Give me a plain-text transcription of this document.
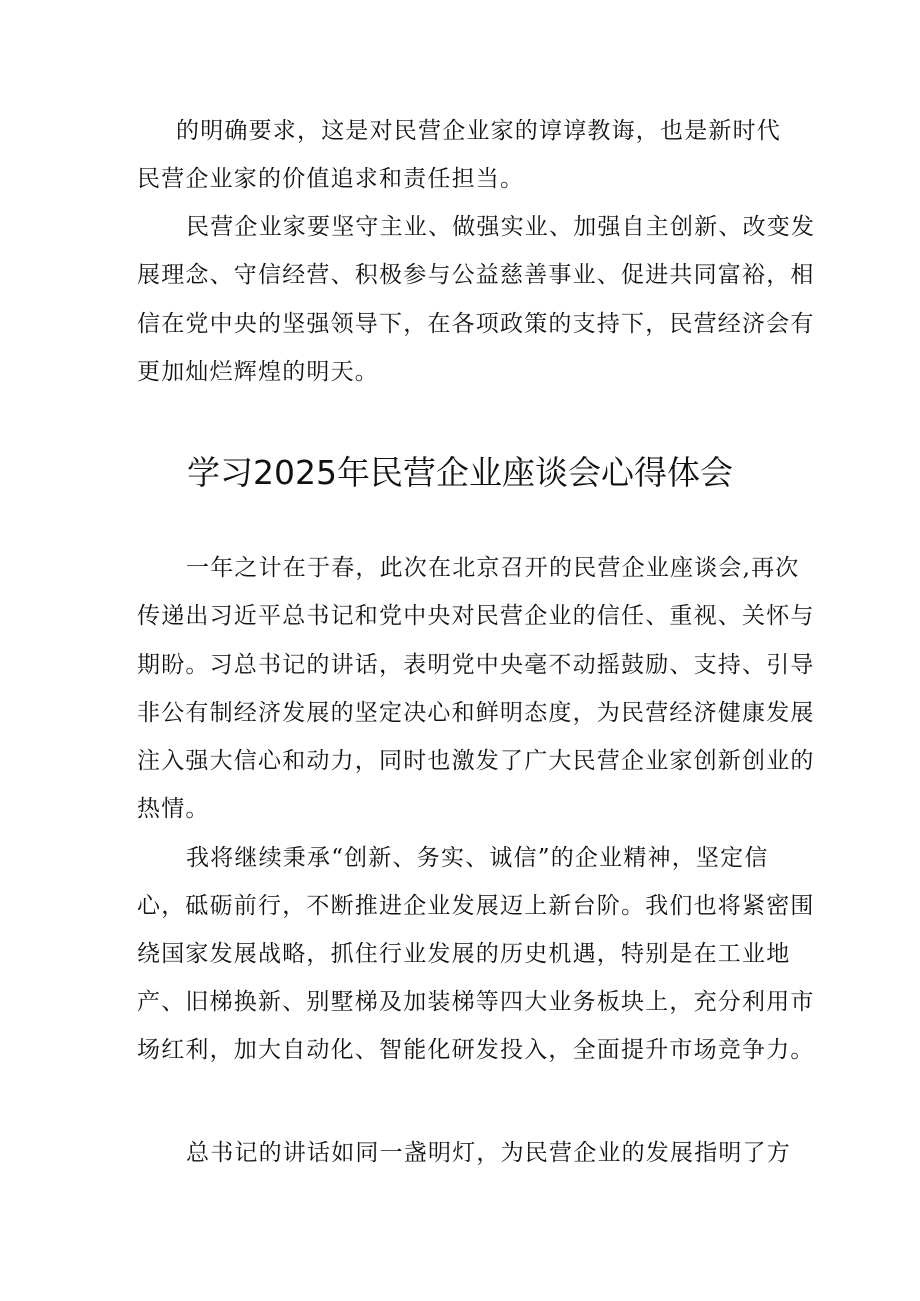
的明确要求，这是对民营企业家的谆谆教诲，也是新时代
民营企业家的价值追求和责任担当。
民营企业家要坚守主业、做强实业、加强自主创新、改变发
展理念、守信经营、积极参与公益慈善事业、促进共同富裕，相
信在党中央的坚强领导下，在各项政策的支持下，民营经济会有
更加灿烂辉煌的明天。
学习2025年民营企业座谈会心得体会
一年之计在于春，此次在北京召开的民营企业座谈会,再次
传递出习近平总书记和党中央对民营企业的信任、重视、关怀与
期盼。习总书记的讲话，表明党中央毫不动摇鼓励、支持、引导
非公有制经济发展的坚定决心和鲜明态度，为民营经济健康发展
注入强大信心和动力，同时也激发了广大民营企业家创新创业的
热情。
我将继续秉承“创新、务实、诚信”的企业精神，坚定信
心，砥砺前行，不断推进企业发展迈上新台阶。我们也将紧密围
绕国家发展战略，抓住行业发展的历史机遇，特别是在工业地
产、旧梯换新、别墅梯及加装梯等四大业务板块上，充分利用市
场红利，加大自动化、智能化研发投入，全面提升市场竞争力。
总书记的讲话如同一盏明灯，为民营企业的发展指明了方
